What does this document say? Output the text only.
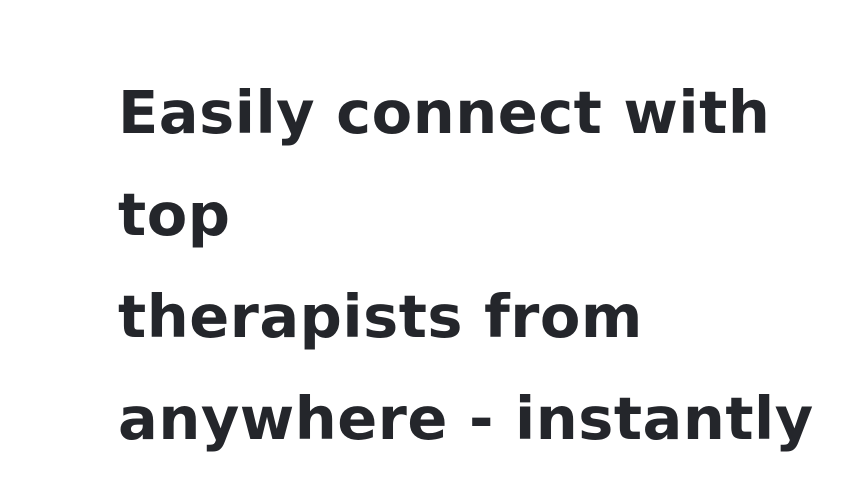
Easily connect with
top
therapists from
anywhere - instantly
